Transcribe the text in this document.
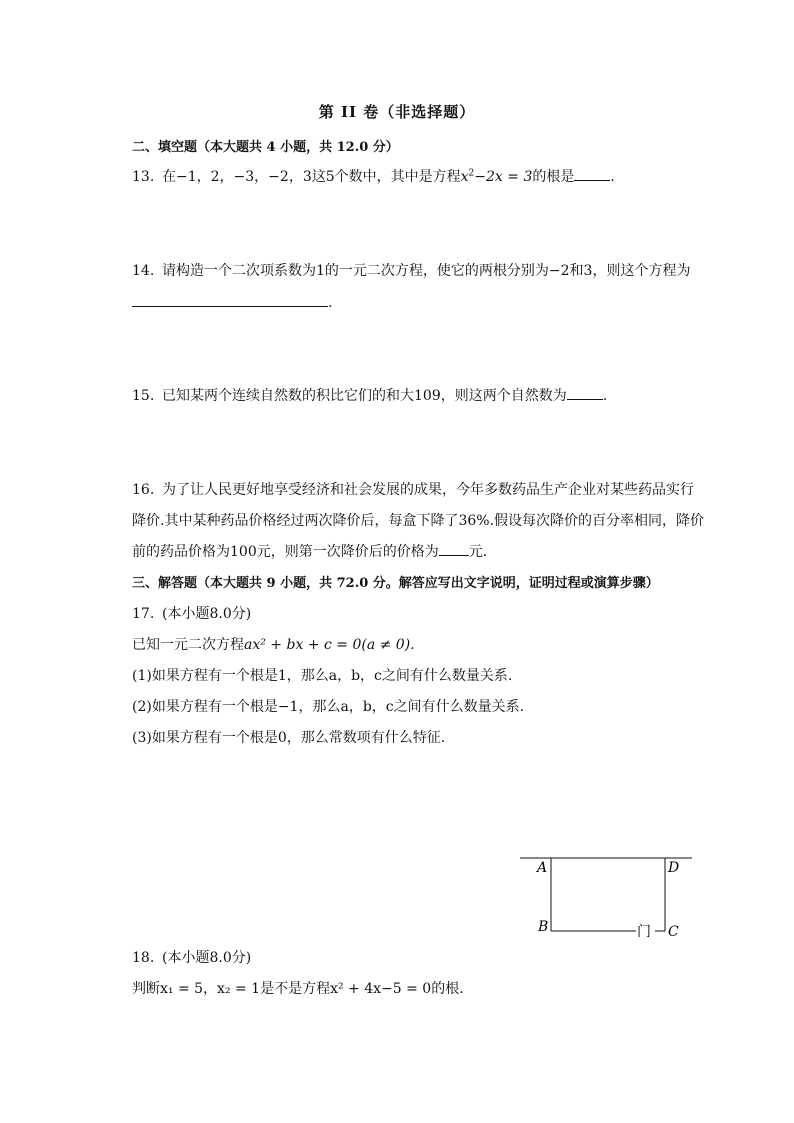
第 II 卷（非选择题）
二、填空题（本大题共 4 小题，共 12.0 分）
13. 在−1，2，−3，−2，3这5个数中，其中是方程$x^2-2x = 3$的根是	.
14. 请构造一个二次项系数为1的一元二次方程，使它的两根分别为−2和3，则这个方程为
.
15. 已知某两个连续自然数的积比它们的和大109，则这两个自然数为	.
16. 为了让人民更好地享受经济和社会发展的成果，今年多数药品生产企业对某些药品实行
降价.其中某种药品价格经过两次降价后，每盒下降了36%.假设每次降价的百分率相同，降价
前的药品价格为100元，则第一次降价后的价格为 元.
三、解答题（本大题共 9 小题，共 72.0 分。解答应写出文字说明，证明过程或演算步骤）
17. (本小题8.0分)
已知一元二次方程ax² + bx + c = 0(a ≠ 0).
(1)如果方程有一个根是1，那么a，b，c之间有什么数量关系.
(2)如果方程有一个根是−1，那么a，b，c之间有什么数量关系.
(3)如果方程有一个根是0，那么常数项有什么特征.
A	D
B	C
门
18. (本小题8.0分)
判断x₁ = 5，x₂ = 1是不是方程x² + 4x−5 = 0的根.
